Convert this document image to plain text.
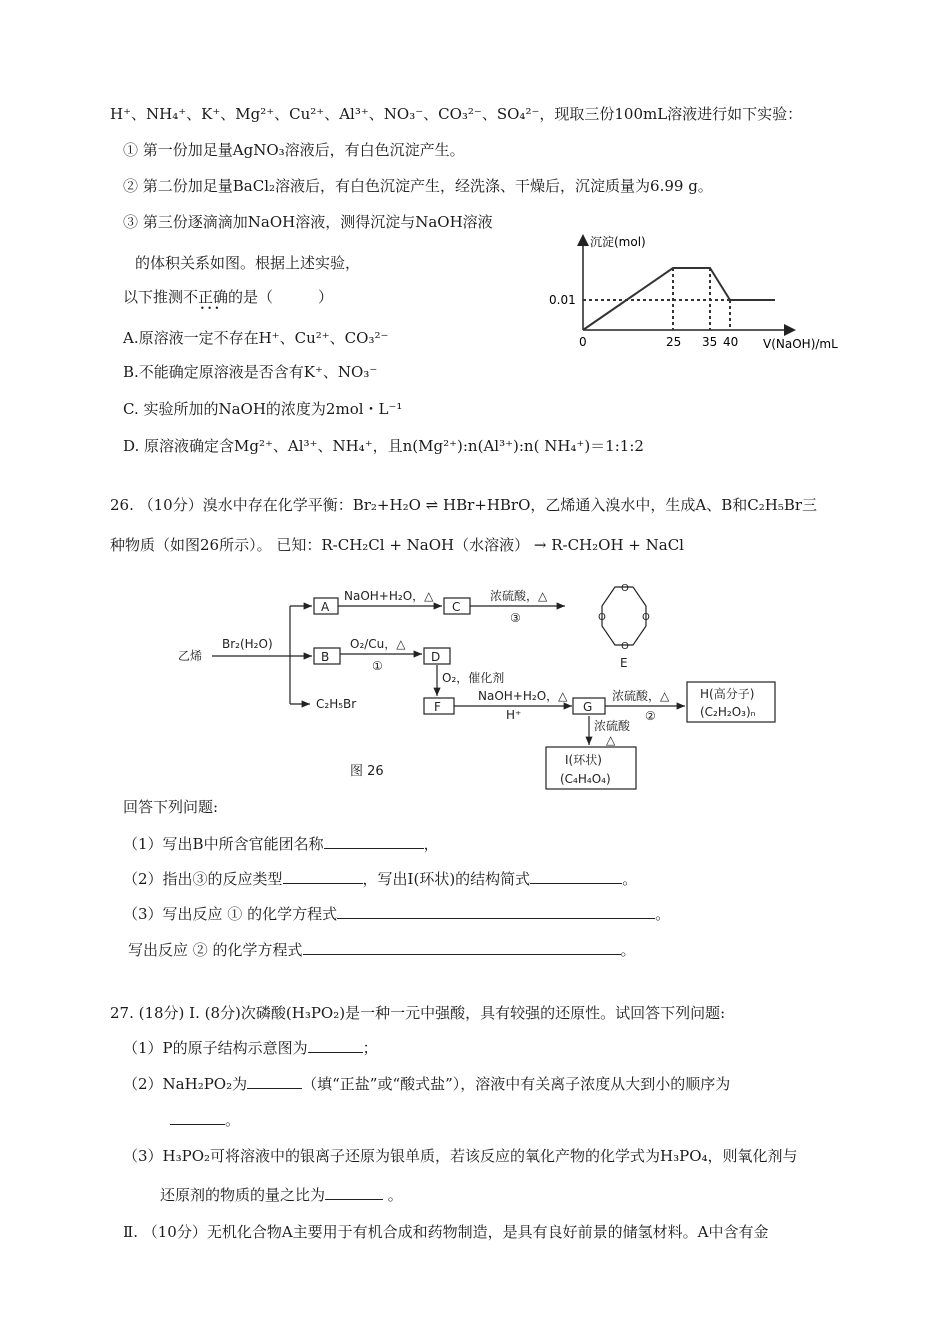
H⁺、NH₄⁺、K⁺、Mg²⁺、Cu²⁺、Al³⁺、NO₃⁻、CO₃²⁻、SO₄²⁻，现取三份100mL溶液进行如下实验：
① 第一份加足量AgNO₃溶液后，有白色沉淀产生。
② 第二份加足量BaCl₂溶液后，有白色沉淀产生，经洗涤、干燥后，沉淀质量为6.99 g。
③ 第三份逐滴滴加NaOH溶液，测得沉淀与NaOH溶液
的体积关系如图。根据上述实验，
以下推测不正确的是（　　　）
• • •
A.原溶液一定不存在H⁺、Cu²⁺、CO₃²⁻
B.不能确定原溶液是否含有K⁺、NO₃⁻
C. 实验所加的NaOH的浓度为2mol・L⁻¹
D. 原溶液确定含Mg²⁺、Al³⁺、NH₄⁺，且n(Mg²⁺):n(Al³⁺):n( NH₄⁺)＝1:1:2
沉淀(mol)
0.01
0	25 35 40 V(NaOH)/mL
26. （10分）溴水中存在化学平衡：Br₂+H₂O ⇌ HBr+HBrO，乙烯通入溴水中，生成A、B和C₂H₅Br三
种物质（如图26所示）。 已知：R-CH₂Cl + NaOH（水溶液） → R-CH₂OH + NaCl
O
O
O	O
乙烯
Br₂(H₂O)
A
B
C
D
F	G
C₂H₅Br
NaOH+H₂O，△	浓硫酸，△
③
O₂/Cu，△
①
O₂，催化剂
NaOH+H₂O，△
H⁺
浓硫酸，△
②
浓硫酸
△
H(高分子)
(C₂H₂O₃)ₙ
I(环状)
(C₄H₄O₄)
E
图 26
回答下列问题:
（1）写出B中所含官能团名称	，
（2）指出③的反应类型	，写出I(环状)的结构简式	。
（3）写出反应 ① 的化学方程式	。
写出反应 ② 的化学方程式	。
27. (18分) Ⅰ. (8分)次磷酸(H₃PO₂)是一种一元中强酸，具有较强的还原性。试回答下列问题:
（1）P的原子结构示意图为	；
（2）NaH₂PO₂为	（填“正盐”或“酸式盐”），溶液中有关离子浓度从大到小的顺序为
。
（3）H₃PO₂可将溶液中的银离子还原为银单质，若该反应的氧化产物的化学式为H₃PO₄，则氧化剂与
还原剂的物质的量之比为	。
Ⅱ. （10分）无机化合物A主要用于有机合成和药物制造，是具有良好前景的储氢材料。A中含有金
